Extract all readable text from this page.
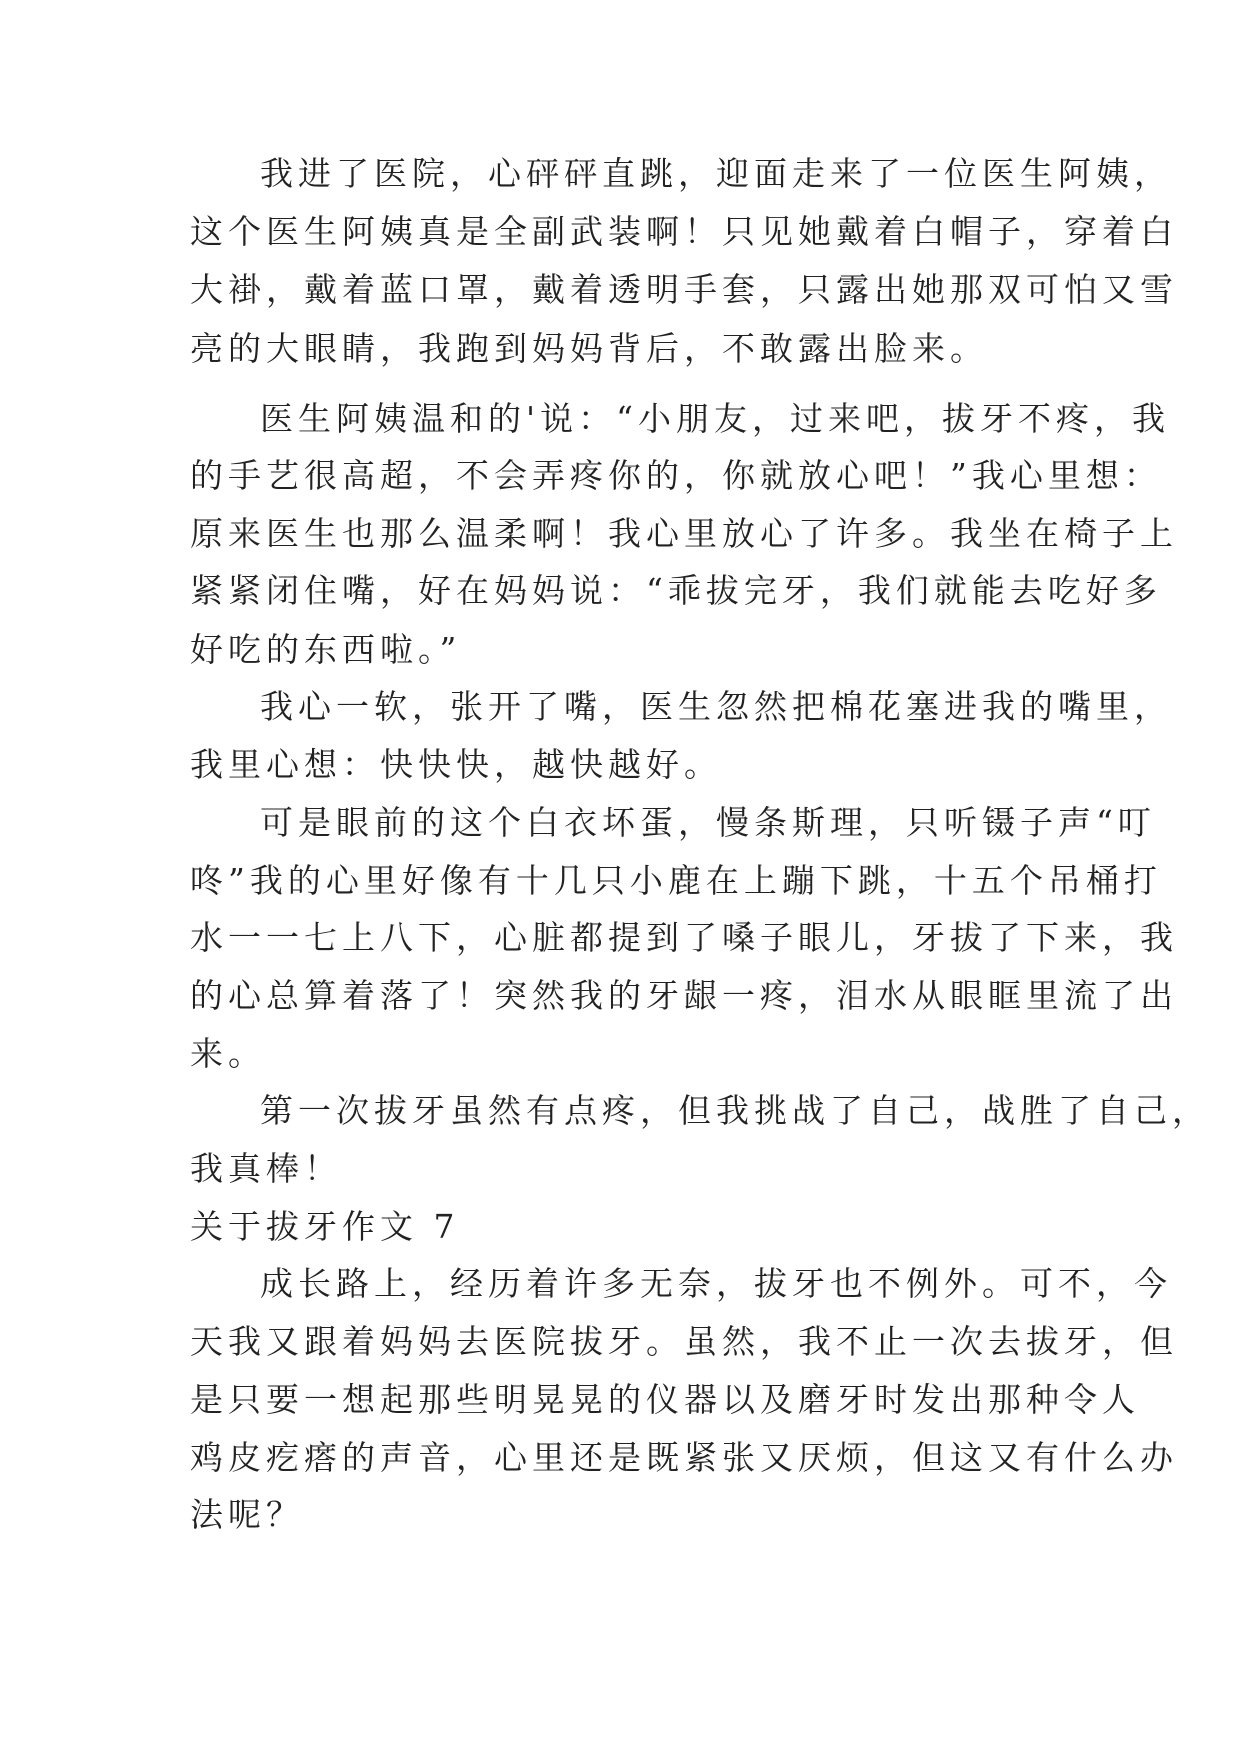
我进了医院，心砰砰直跳，迎面走来了一位医生阿姨，
这个医生阿姨真是全副武装啊！只见她戴着白帽子，穿着白
大褂，戴着蓝口罩，戴着透明手套，只露出她那双可怕又雪
亮的大眼睛，我跑到妈妈背后，不敢露出脸来。
医生阿姨温和的'说：“小朋友，过来吧，拔牙不疼，我
的手艺很高超，不会弄疼你的，你就放心吧！”我心里想：
原来医生也那么温柔啊！我心里放心了许多。我坐在椅子上
紧紧闭住嘴，好在妈妈说：“乖拔完牙，我们就能去吃好多
好吃的东西啦。”
我心一软，张开了嘴，医生忽然把棉花塞进我的嘴里，
我里心想：快快快，越快越好。
可是眼前的这个白衣坏蛋，慢条斯理，只听镊子声“叮
咚”我的心里好像有十几只小鹿在上蹦下跳，十五个吊桶打
水一一七上八下，心脏都提到了嗓子眼儿，牙拔了下来，我
的心总算着落了！突然我的牙龈一疼，泪水从眼眶里流了出
来。
第一次拔牙虽然有点疼，但我挑战了自己，战胜了自己，
我真棒！
关于拔牙作文 7
成长路上，经历着许多无奈，拔牙也不例外。可不，今
天我又跟着妈妈去医院拔牙。虽然，我不止一次去拔牙，但
是只要一想起那些明晃晃的仪器以及磨牙时发出那种令人
鸡皮疙瘩的声音，心里还是既紧张又厌烦，但这又有什么办
法呢？
